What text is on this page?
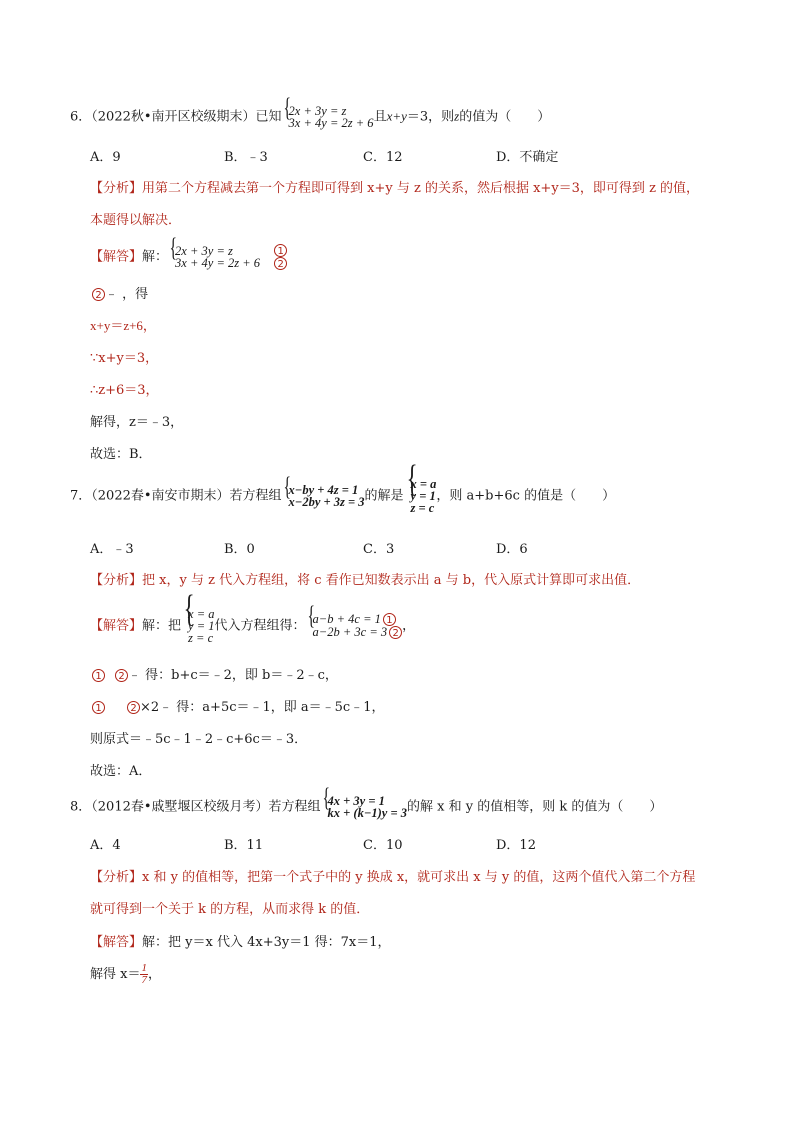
6．（2022秋•南开区校级期末）已知 { 2x + 3y = z
3x + 4y = 2z + 6 且x+y＝3，则z的值为（　　）
A．9	B．﹣3	C．12	D．不确定
【分析】用第二个方程减去第一个方程即可得到 x+y 与 z 的关系，然后根据 x+y＝3，即可得到 z 的值，
本题得以解决．
【解答】解： { 2x + 3y = z
3x + 4y = 2z + 6
$\frac{1}{2}$
2 ﹣ ，得
x+y＝z+6，
∵x+y＝3，
∴z+6＝3，
解得，z＝﹣3，
故选：B．
7．（2022春•南安市期末）若方程组 { x−by + 4z = 1
x−2by + 3z = 3 的解是
{ x = a
y = 1
z = c
，则 a+b+6c 的值是（　　）
A．﹣3	B．0	C．3	D．6
【分析】把 x，y 与 z 代入方程组，将 c 看作已知数表示出 a 与 b，代入原式计算即可求出值．
【解答】解：把
{ x = a
y = 1
z = c
代入方程组得： { a−b + 4c = 1 1
a−2b + 3c = 3 2 ，
1 2 ﹣ 得：b+c＝﹣2，即 b＝﹣2﹣c，
1	2 ×2﹣ 得：a+5c＝﹣1，即 a＝﹣5c﹣1，
则原式＝﹣5c﹣1﹣2﹣c+6c＝﹣3．
故选：A．
8．（2012春•戚墅堰区校级月考）若方程组 { 4x + 3y = 1
kx + (k−1)y = 3 的解 x 和 y 的值相等，则 k 的值为（　　）
A．4	B．11	C．10	D．12
【分析】x 和 y 的值相等，把第一个式子中的 y 换成 x，就可求出 x 与 y 的值，这两个值代入第二个方程
就可得到一个关于 k 的方程，从而求得 k 的值．
【解答】解：把 y＝x 代入 4x+3y＝1 得：7x＝1，
解得 $x= \frac{1}{7}$ ，
